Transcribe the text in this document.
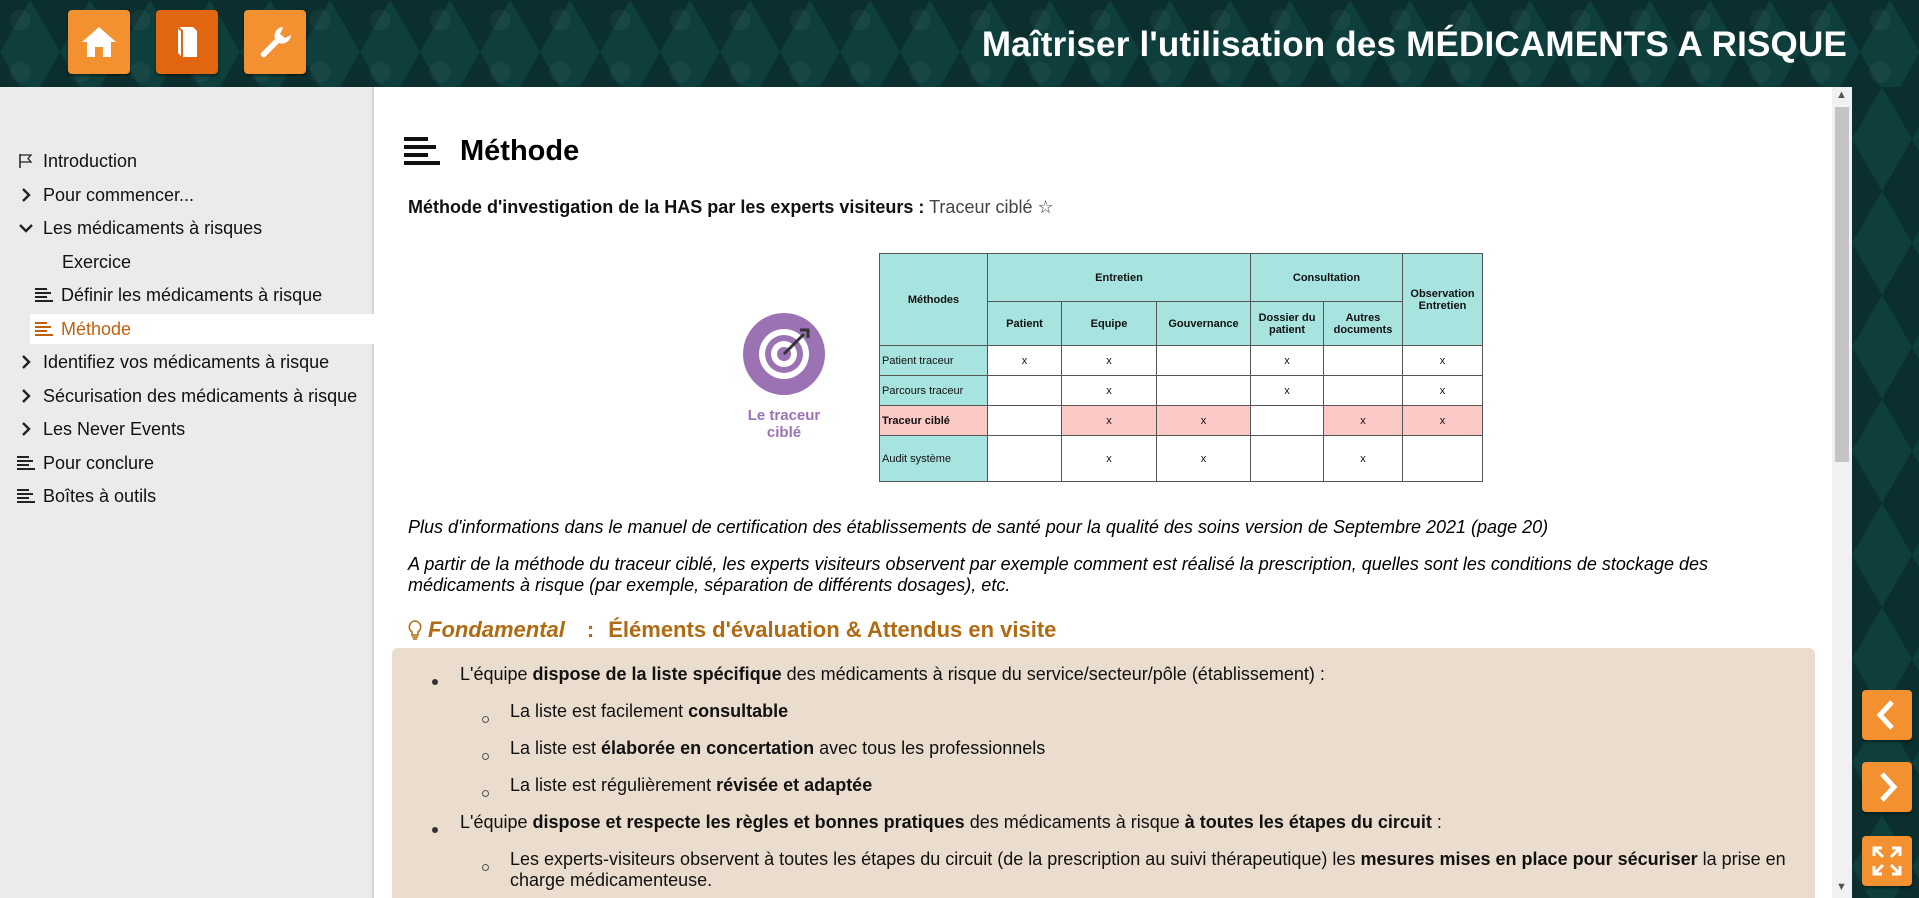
Maîtriser l'utilisation des MÉDICAMENTS A RISQUE
Introduction
Pour commencer...
Les médicaments à risques
Exercice
Définir les médicaments à risque
Méthode
Identifiez vos médicaments à risque
Sécurisation des médicaments à risque
Les Never Events
Pour conclure
Boîtes à outils
Méthode
Méthode d'investigation de la HAS par les experts visiteurs : Traceur ciblé ☆
Le traceur
ciblé
Méthodes	Entretien			Consultation		Observation Entretien
	Patient	Equipe	Gouvernance	Dossier du patient	Autres documents	
Patient traceur	x	x		x		x
Parcours traceur		x		x		x
Traceur ciblé		x	x		x	x
Audit système		x	x		x	
Plus d'informations dans le manuel de certification des établissements de santé pour la qualité des soins version de Septembre 2021 (page 20)
A partir de la méthode du traceur ciblé, les experts visiteurs observent par exemple comment est réalisé la prescription, quelles sont les conditions de stockage des médicaments à risque (par exemple, séparation de différents dosages), etc.
Fondamental : Éléments d'évaluation & Attendus en visite
L'équipe dispose de la liste spécifique des médicaments à risque du service/secteur/pôle (établissement) :
La liste est facilement consultable
La liste est élaborée en concertation avec tous les professionnels
La liste est régulièrement révisée et adaptée
L'équipe dispose et respecte les règles et bonnes pratiques des médicaments à risque à toutes les étapes du circuit :
Les experts-visiteurs observent à toutes les étapes du circuit (de la prescription au suivi thérapeutique) les mesures mises en place pour sécuriser la prise en charge médicamenteuse.
▲
▼
